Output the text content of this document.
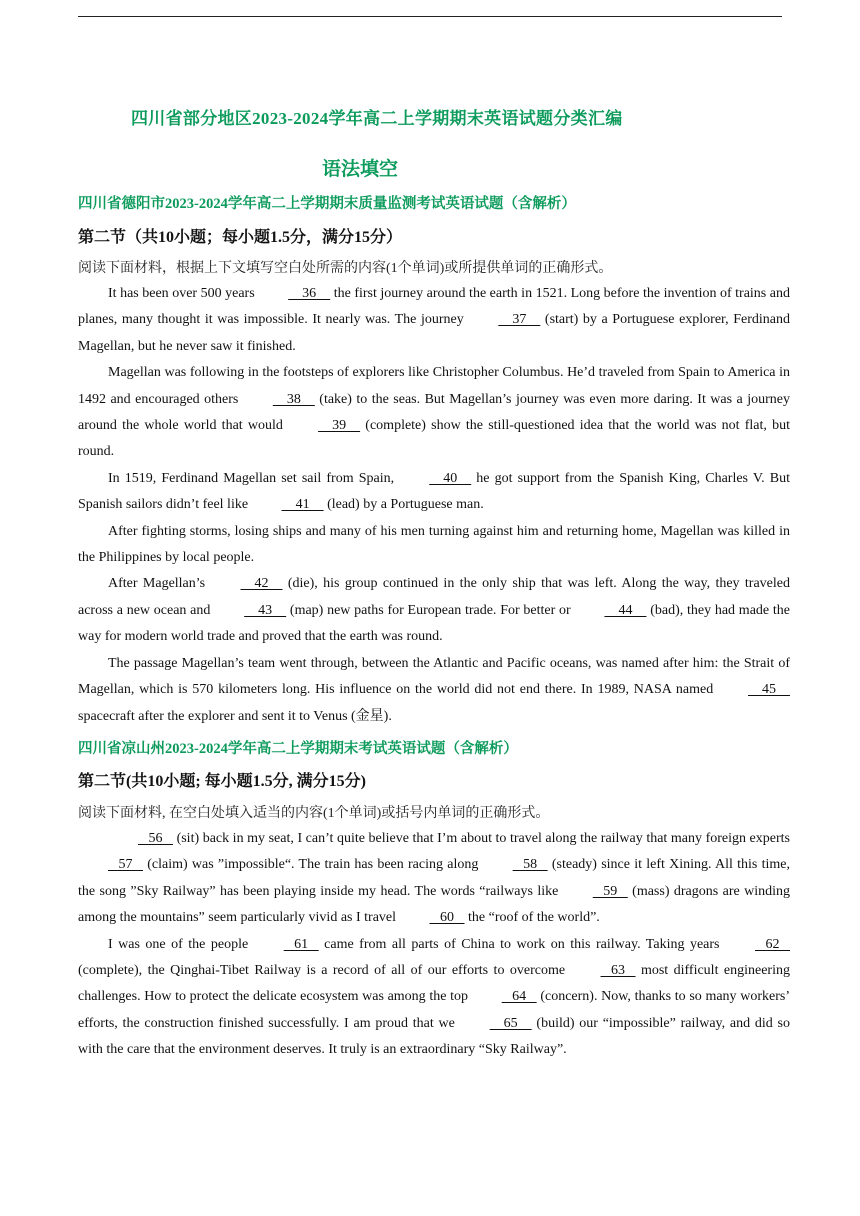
四川省部分地区2023-2024学年高二上学期期末英语试题分类汇编
语法填空
四川省德阳市2023-2024学年高二上学期期末质量监测考试英语试题（含解析）
第二节（共10小题；每小题1.5分，满分15分）
阅读下面材料，根据上下文填写空白处所需的内容(1个单词)或所提供单词的正确形式。

It has been over 500 years     36     the first journey around the earth in 1521. Long before the invention of trains and planes, many thought it was impossible. It nearly was. The journey     37     (start) by a Portuguese explorer, Ferdinand Magellan, but he never saw it finished.

Magellan was following in the footsteps of explorers like Christopher Columbus. He’d traveled from Spain to America in 1492 and encouraged others     38     (take) to the seas. But Magellan’s journey was even more daring. It was a journey around the whole world that would     39     (complete) show the still-questioned idea that the world was not flat, but round.

In 1519, Ferdinand Magellan set sail from Spain,     40     he got support from the Spanish King, Charles V. But Spanish sailors didn’t feel like     41     (lead) by a Portuguese man.

After fighting storms, losing ships and many of his men turning against him and returning home, Magellan was killed in the Philippines by local people.

After Magellan’s     42     (die), his group continued in the only ship that was left. Along the way, they traveled across a new ocean and     43     (map) new paths for European trade. For better or     44     (bad), they had made the way for modern world trade and proved that the earth was round.

The passage Magellan’s team went through, between the Atlantic and Pacific oceans, was named after him: the Strait of Magellan, which is 570 kilometers long. His influence on the world did not end there. In 1989, NASA named     45     spacecraft after the explorer and sent it to Venus (金星).

四川省凉山州2023-2024学年高二上学期期末考试英语试题（含解析）
第二节(共10小题; 每小题1.5分, 满分15分)
阅读下面材料, 在空白处填入适当的内容(1个单词)或括号内单词的正确形式。

56    (sit) back in my seat, I can’t quite believe that I’m about to travel along the railway that many foreign experts    57    (claim) was ”impossible“. The train has been racing along    58    (steady) since it left Xining. All this time, the song ”Sky Railway” has been playing inside my head. The words “railways like    59    (mass) dragons are winding among the mountains” seem particularly vivid as I travel    60    the “roof of the world”.

I was one of the people    61    came from all parts of China to work on this railway. Taking years    62    (complete), the Qinghai-Tibet Railway is a record of all of our efforts to overcome    63    most difficult engineering challenges. How to protect the delicate ecosystem was among the top    64    (concern). Now, thanks to so many workers’ efforts, the construction finished successfully. I am proud that we     65     (build) our “impossible” railway, and did so with the care that the environment deserves. It truly is an extraordinary “Sky Railway”.
